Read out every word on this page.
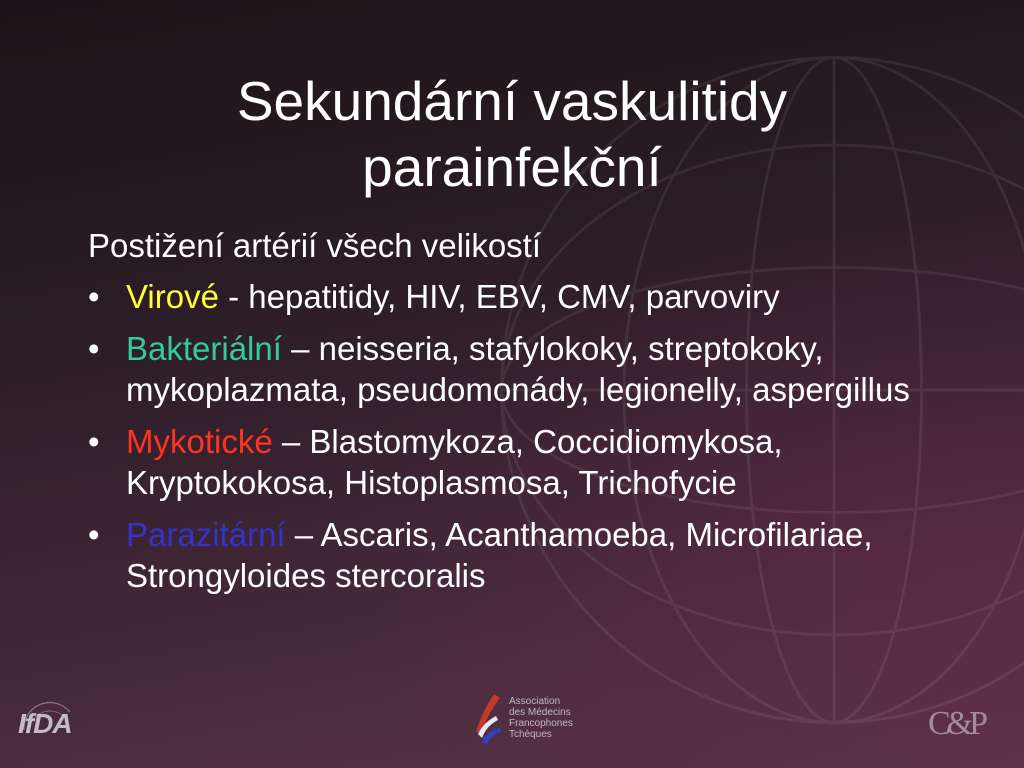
Sekundární vaskulitidy
parainfekční
Postižení artérií všech velikostí
• Virové - hepatitidy, HIV, EBV, CMV, parvoviry
• Bakteriální – neisseria, stafylokoky, streptokoky, mykoplazmata, pseudomonády, legionelly, aspergillus
• Mykotické – Blastomykoza, Coccidiomykosa, Kryptokokosa, Histoplasmosa, Trichofycie
• Parazitární – Ascaris, Acanthamoeba, Microfilariae, Strongyloides stercoralis
IfDA
Association
des Médecins
Francophones
Tchèques	C&P
